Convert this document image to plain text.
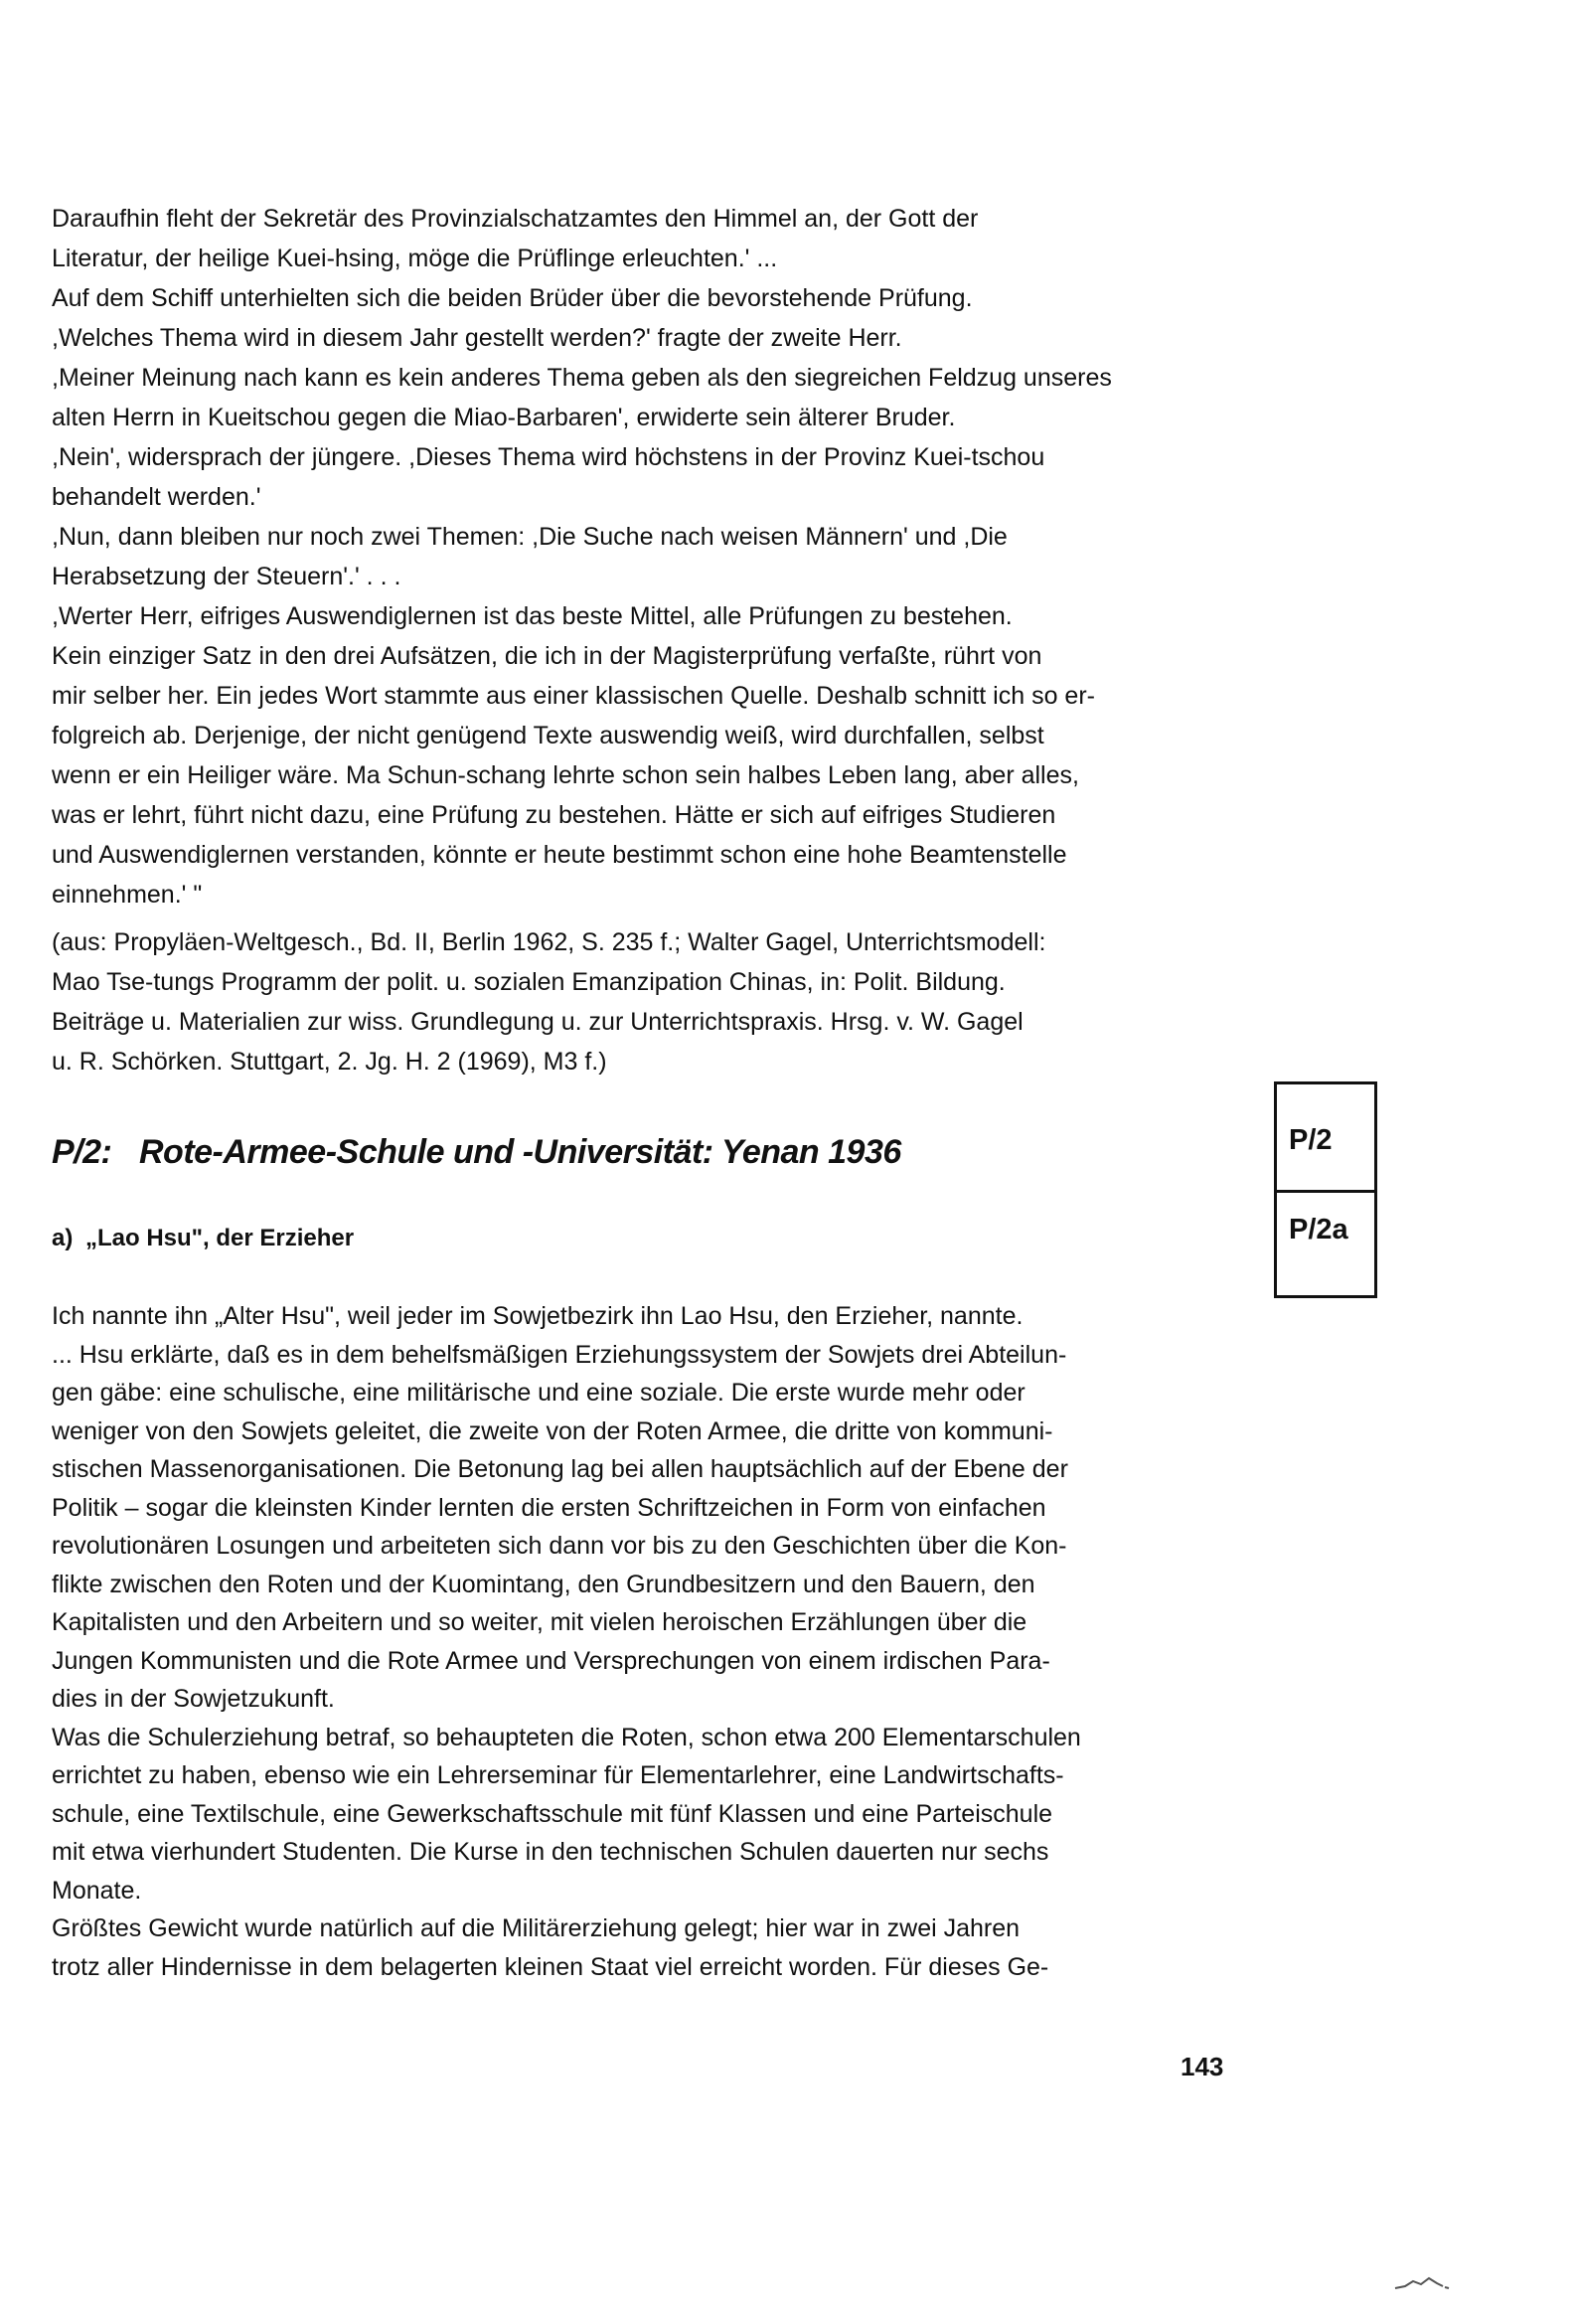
Daraufhin fleht der Sekretär des Provinzialschatzamtes den Himmel an, der Gott der

Literatur, der heilige Kuei-hsing, möge die Prüflinge erleuchten.' ...

Auf dem Schiff unterhielten sich die beiden Brüder über die bevorstehende Prüfung.

,Welches Thema wird in diesem Jahr gestellt werden?' fragte der zweite Herr.

,Meiner Meinung nach kann es kein anderes Thema geben als den siegreichen Feldzug unseres

alten Herrn in Kueitschou gegen die Miao-Barbaren', erwiderte sein älterer Bruder.

,Nein', widersprach der jüngere. ,Dieses Thema wird höchstens in der Provinz Kuei-tschou

behandelt werden.'

,Nun, dann bleiben nur noch zwei Themen: ,Die Suche nach weisen Männern' und ,Die

Herabsetzung der Steuern'.' . . .

,Werter Herr, eifriges Auswendiglernen ist das beste Mittel, alle Prüfungen zu bestehen.

Kein einziger Satz in den drei Aufsätzen, die ich in der Magisterprüfung verfaßte, rührt von

mir selber her. Ein jedes Wort stammte aus einer klassischen Quelle. Deshalb schnitt ich so er-

folgreich ab. Derjenige, der nicht genügend Texte auswendig weiß, wird durchfallen, selbst

wenn er ein Heiliger wäre. Ma Schun-schang lehrte schon sein halbes Leben lang, aber alles,

was er lehrt, führt nicht dazu, eine Prüfung zu bestehen. Hätte er sich auf eifriges Studieren

und Auswendiglernen verstanden, könnte er heute bestimmt schon eine hohe Beamtenstelle

einnehmen.' "

(aus: Propyläen-Weltgesch., Bd. II, Berlin 1962, S. 235 f.; Walter Gagel, Unterrichtsmodell:

Mao Tse-tungs Programm der polit. u. sozialen Emanzipation Chinas, in: Polit. Bildung.

Beiträge u. Materialien zur wiss. Grundlegung u. zur Unterrichtspraxis. Hrsg. v. W. Gagel

u. R. Schörken. Stuttgart, 2. Jg. H. 2 (1969), M3 f.)

P/2: Rote-Armee-Schule und -Universität: Yenan 1936
a) „Lao Hsu", der Erzieher

Ich nannte ihn „Alter Hsu", weil jeder im Sowjetbezirk ihn Lao Hsu, den Erzieher, nannte.

... Hsu erklärte, daß es in dem behelfsmäßigen Erziehungssystem der Sowjets drei Abteilun-

gen gäbe: eine schulische, eine militärische und eine soziale. Die erste wurde mehr oder

weniger von den Sowjets geleitet, die zweite von der Roten Armee, die dritte von kommuni-

stischen Massenorganisationen. Die Betonung lag bei allen hauptsächlich auf der Ebene der

Politik – sogar die kleinsten Kinder lernten die ersten Schriftzeichen in Form von einfachen

revolutionären Losungen und arbeiteten sich dann vor bis zu den Geschichten über die Kon-

flikte zwischen den Roten und der Kuomintang, den Grundbesitzern und den Bauern, den

Kapitalisten und den Arbeitern und so weiter, mit vielen heroischen Erzählungen über die

Jungen Kommunisten und die Rote Armee und Versprechungen von einem irdischen Para-

dies in der Sowjetzukunft.

Was die Schulerziehung betraf, so behaupteten die Roten, schon etwa 200 Elementarschulen

errichtet zu haben, ebenso wie ein Lehrerseminar für Elementarlehrer, eine Landwirtschafts-

schule, eine Textilschule, eine Gewerkschaftsschule mit fünf Klassen und eine Parteischule

mit etwa vierhundert Studenten. Die Kurse in den technischen Schulen dauerten nur sechs

Monate.

Größtes Gewicht wurde natürlich auf die Militärerziehung gelegt; hier war in zwei Jahren

trotz aller Hindernisse in dem belagerten kleinen Staat viel erreicht worden. Für dieses Ge-

P/2
P/2a
143
